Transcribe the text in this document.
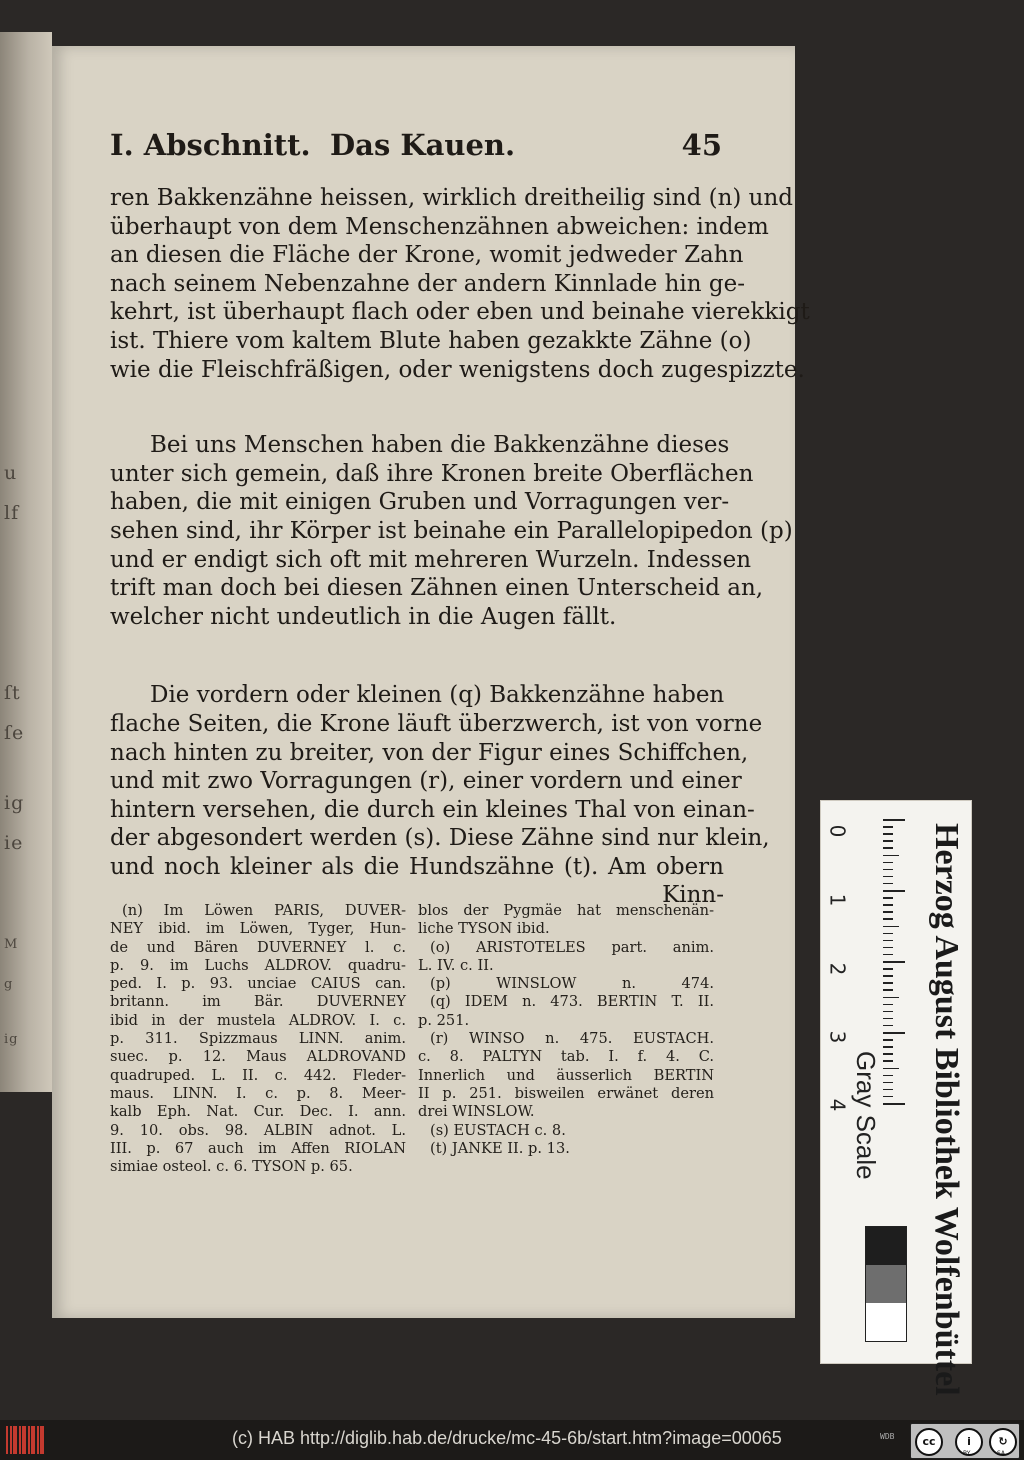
u
lf
ſt
ſe
ig
ie
M
g
ig
I. Abschnitt. Das Kauen.	45
ren Bakkenzähne heissen, wirklich dreitheilig sind (n) und
überhaupt von dem Menschenzähnen abweichen: indem
an diesen die Fläche der Krone, womit jedweder Zahn
nach seinem Nebenzahne der andern Kinnlade hin ge-
kehrt, ist überhaupt flach oder eben und beinahe vierekkigt
ist. Thiere vom kaltem Blute haben gezakkte Zähne (o)
wie die Fleischfräßigen, oder wenigstens doch zugespizzte.
Bei uns Menschen haben die Bakkenzähne dieses
unter sich gemein, daß ihre Kronen breite Oberflächen
haben, die mit einigen Gruben und Vorragungen ver-
sehen sind, ihr Körper ist beinahe ein Parallelopipedon (p)
und er endigt sich oft mit mehreren Wurzeln. Indessen
trift man doch bei diesen Zähnen einen Unterscheid an,
welcher nicht undeutlich in die Augen fällt.
Die vordern oder kleinen (q) Bakkenzähne haben
flache Seiten, die Krone läuft überzwerch, ist von vorne
nach hinten zu breiter, von der Figur eines Schiffchen,
und mit zwo Vorragungen (r), einer vordern und einer
hintern versehen, die durch ein kleines Thal von einan-
der abgesondert werden (s). Diese Zähne sind nur klein,
und noch kleiner als die Hundszähne (t). Am obern
Kinn-
(n) Im Löwen PARIS, DUVER-
NEY ibid. im Löwen, Tyger, Hun-
de und Bären DUVERNEY l. c.
p. 9. im Luchs ALDROV. quadru-
ped. I. p. 93. unciae CAIUS can.
britann. im Bär. DUVERNEY
ibid in der mustela ALDROV. I. c.
p. 311. Spizzmaus LINN. anim.
suec. p. 12. Maus ALDROVAND
quadruped. L. II. c. 442. Fleder-
maus. LINN. I. c. p. 8. Meer-
kalb Eph. Nat. Cur. Dec. I. ann.
9. 10. obs. 98. ALBIN adnot. L.
III. p. 67 auch im Affen RIOLAN
simiae osteol. c. 6. TYSON p. 65.
blos der Pygmäe hat menschenän-
liche TYSON ibid.
(o) ARISTOTELES part. anim.
L. IV. c. II.
(p) WINSLOW n. 474.
(q) IDEM n. 473. BERTIN T. II.
p. 251.
(r) WINSO n. 475. EUSTACH.
c. 8. PALTYN tab. I. f. 4. C.
Innerlich und äusserlich BERTIN
II p. 251. bisweilen erwänet deren
drei WINSLOW.
(s) EUSTACH c. 8.
(t) JANKE II. p. 13.
0
1
2
3
4 Herzog August Bibliothek Wolfenbüttel
Gray Scale
(c) HAB http://diglib.hab.de/drucke/mc-45-6b/start.htm?image=00065	WDB	cc	i	↻
BY	SA
